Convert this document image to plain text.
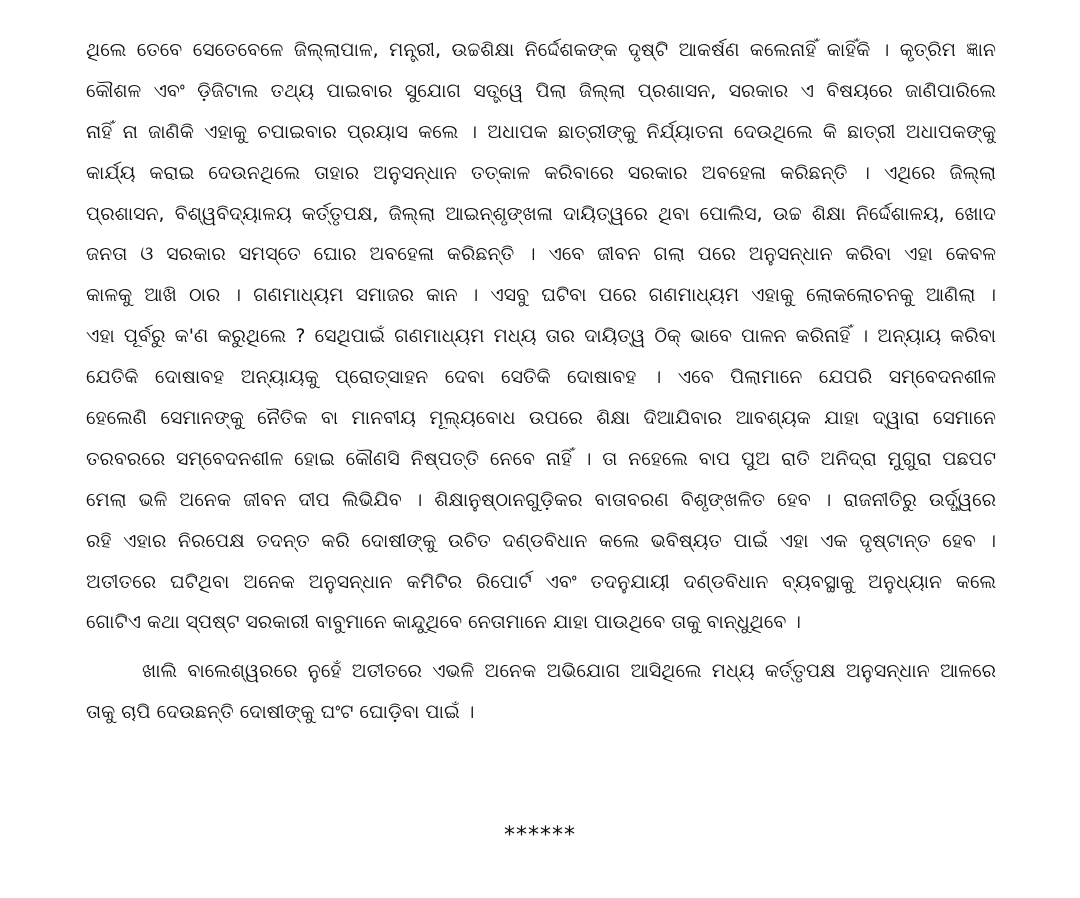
ଥିଲେ ତେବେ ସେତେବେଳେ ଜିଲ୍ଲାପାଳ, ମନ୍ତ୍ରୀ, ଉଚ୍ଚଶିକ୍ଷା ନିର୍ଦ୍ଦେଶକଙ୍କ ଦୃଷ୍ଟି ଆକର୍ଷଣ କଲେନାହିଁ କାହିଁକି । କୃତ୍ରିମ ଜ୍ଞାନ
କୌଶଳ ଏବଂ ଡ଼ିଜିଟାଲ ତଥ୍ୟ ପାଇବାର ସୁଯୋଗ ସତ୍ତ୍ୱେ ପିଲା ଜିଲ୍ଲା ପ୍ରଶାସନ, ସରକାର ଏ ବିଷୟରେ ଜାଣିପାରିଲେ
ନାହିଁ ନା ଜାଣିକି ଏହାକୁ ଚପାଇବାର ପ୍ରୟାସ କଲେ । ଅଧାପକ ଛାତ୍ରୀଙ୍କୁ ନିର୍ଯ୍ୟାତନା ଦେଉଥିଲେ କି ଛାତ୍ରୀ ଅଧାପକଙ୍କୁ
କାର୍ଯ୍ୟ କରାଇ ଦେଉନଥିଲେ ତାହାର ଅନୁସନ୍ଧାନ ତତ୍‌କାଳ କରିବାରେ ସରକାର ଅବହେଳା କରିଛନ୍ତି । ଏଥିରେ ଜିଲ୍ଲା
ପ୍ରଶାସନ, ବିଶ୍ୱବିଦ୍ୟାଳୟ କର୍ତ୍ତୃପକ୍ଷ, ଜିଲ୍ଲା ଆଇନ୍‌ଶୃଙ୍ଖଳା ଦାୟିତ୍ୱରେ ଥିବା ପୋଲିସ, ଉଚ୍ଚ ଶିକ୍ଷା ନିର୍ଦ୍ଦେଶାଳୟ, ଖୋଦ
ଜନତା ଓ ସରକାର ସମସ୍ତେ ଘୋର ଅବହେଳା କରିଛନ୍ତି । ଏବେ ଜୀବନ ଗଲା ପରେ ଅନୁସନ୍ଧାନ କରିବା ଏହା କେବଳ
କାଳକୁ ଆଖି ଠାର । ଗଣମାଧ୍ୟମ ସମାଜର କାନ । ଏସବୁ ଘଟିବା ପରେ ଗଣମାଧ୍ୟମ ଏହାକୁ ଲୋକଲୋଚନକୁ ଆଣିଲା ।
ଏହା ପୂର୍ବରୁ କ'ଣ କରୁଥିଲେ ? ସେଥିପାଇଁ ଗଣମାଧ୍ୟମ ମଧ୍ୟ ତାର ଦାୟିତ୍ୱ ଠିକ୍ ଭାବେ ପାଳନ କରିନାହିଁ । ଅନ୍ୟାୟ କରିବା
ଯେତିକି ଦୋଷାବହ ଅନ୍ୟାୟକୁ ପ୍ରୋତ୍ସାହନ ଦେବା ସେତିକି ଦୋଷାବହ । ଏବେ ପିଲାମାନେ ଯେପରି ସମ୍ବେଦନଶୀଳ
ହେଲେଣି ସେମାନଙ୍କୁ ନୈତିକ ବା ମାନବୀୟ ମୂଲ୍ୟବୋଧ ଉପରେ ଶିକ୍ଷା ଦିଆଯିବାର ଆବଶ୍ୟକ ଯାହା ଦ୍ୱାରା ସେମାନେ
ତରବରରେ ସମ୍ବେଦନଶୀଳ ହୋଇ କୌଣସି ନିଷ୍ପତ୍ତି ନେବେ ନାହିଁ । ତା ନହେଲେ ବାପ ପୁଅ ରାତି ଅନିଦ୍ରା ମୁଗୁରା ପଛପଟ
ମେଲା ଭଳି ଅନେକ ଜୀବନ ଦୀପ ଲିଭିଯିବ । ଶିକ୍ଷାନୁଷ୍ଠାନଗୁଡ଼ିକର ବାତାବରଣ ବିଶୃଙ୍ଖଳିତ ହେବ । ରାଜନୀତିରୁ ଉର୍ଦ୍ଧ୍ୱରେ
ରହି ଏହାର ନିରପେକ୍ଷ ତଦନ୍ତ କରି ଦୋଷୀଙ୍କୁ ଉଚିତ ଦଣ୍ଡବିଧାନ କଲେ ଭବିଷ୍ୟତ ପାଇଁ ଏହା ଏକ ଦୃଷ୍ଟାନ୍ତ ହେବ ।
ଅତୀତରେ ଘଟିଥିବା ଅନେକ ଅନୁସନ୍ଧାନ କମିଟିର ରିପୋର୍ଟ ଏବଂ ତଦନୁଯାୟୀ ଦଣ୍ଡବିଧାନ ବ୍ୟବସ୍ଥାକୁ ଅନୁଧ୍ୟାନ କଲେ
ଗୋଟିଏ କଥା ସ୍ପଷ୍ଟ ସରକାରୀ ବାବୁମାନେ କାନ୍ଦୁଥିବେ ନେତାମାନେ ଯାହା ପାଉଥିବେ ତାକୁ ବାନ୍ଧୁଥିବେ ।
ଖାଲି ବାଲେଶ୍ୱରରେ ନୁହେଁ ଅତୀତରେ ଏଭଳି ଅନେକ ଅଭିଯୋଗ ଆସିଥିଲେ ମଧ୍ୟ କର୍ତ୍ତୃପକ୍ଷ ଅନୁସନ୍ଧାନ ଆଳରେ
ତାକୁ ଚାପି ଦେଉଛନ୍ତି ଦୋଷୀଙ୍କୁ ଘଂଟ ଘୋଡ଼ିବା ପାଇଁ ।
******
